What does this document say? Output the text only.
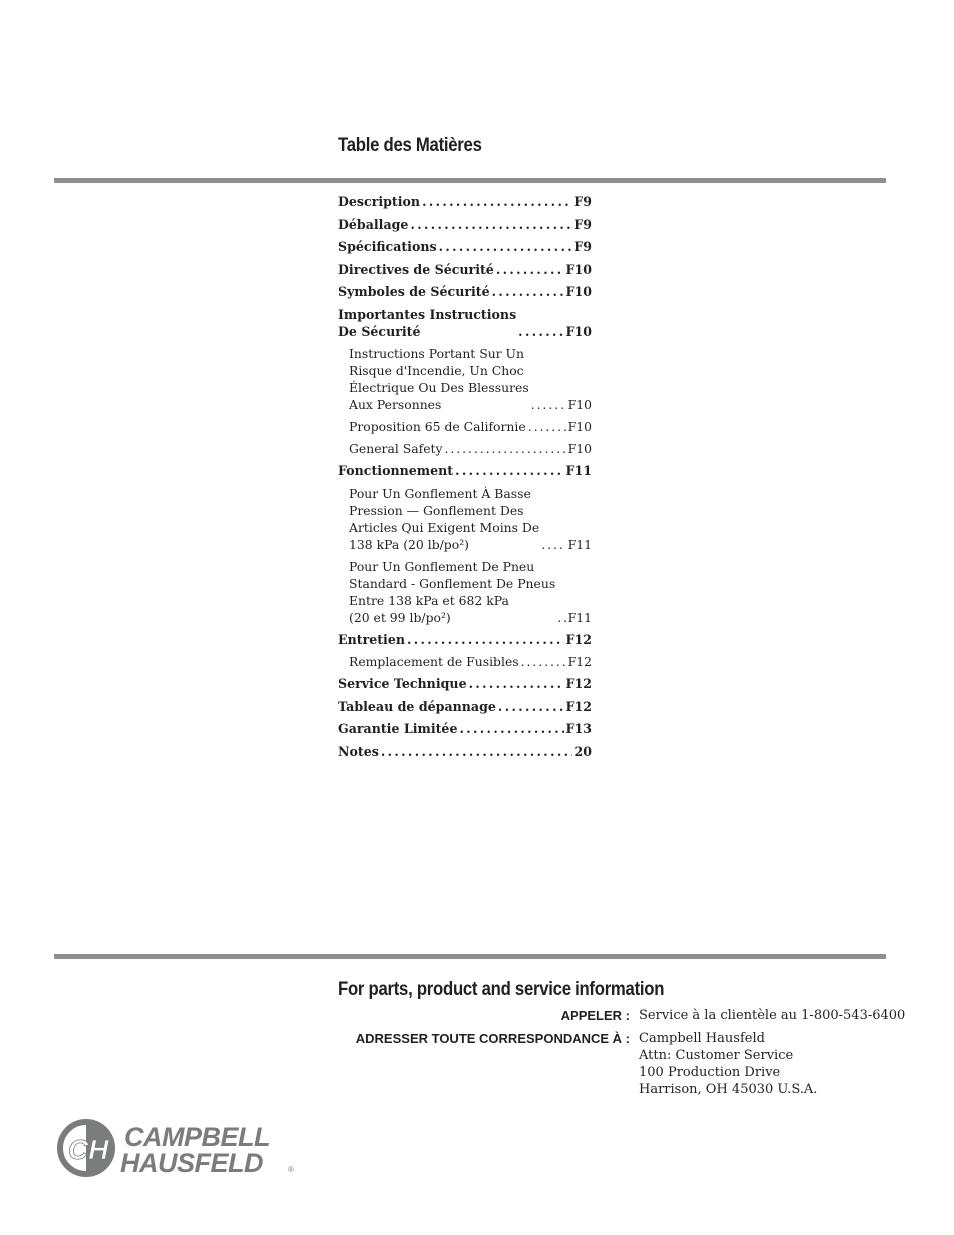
Table des Matières
Description . . .	F9
Déballage . . .	F9
Spécifications . . .	F9
Directives de Sécurité . . .	F10
Symboles de Sécurité . . .	F10
Importantes Instructions
De Sécurité . . .	F10
Instructions Portant Sur Un
Risque d'Incendie, Un Choc
Électrique Ou Des Blessures
Aux Personnes . . .	F10
Proposition 65 de Californie . . .	F10
General Safety . . .	F10
Fonctionnement . . .	F11
Pour Un Gonflement À Basse
Pression — Gonflement Des
Articles Qui Exigent Moins De
138 kPa (20 lb/po²) . . .	F11
Pour Un Gonflement De Pneu
Standard - Gonflement De Pneus
Entre 138 kPa et 682 kPa
(20 et 99 lb/po²) . . .	F11
Entretien . . .	F12
Remplacement de Fusibles . . .	F12
Service Technique . . .	F12
Tableau de dépannage . . .	F12
Garantie Limitée . . .	F13
Notes . . .	20
For parts, product and service information
APPELER : Service à la clientèle au 1-800-543-6400
ADRESSER TOUTE CORRESPONDANCE À : Campbell Hausfeld
Attn: Customer Service
100 Production Drive
Harrison, OH 45030 U.S.A.
CH CAMPBELL
HAUSFELD	®
